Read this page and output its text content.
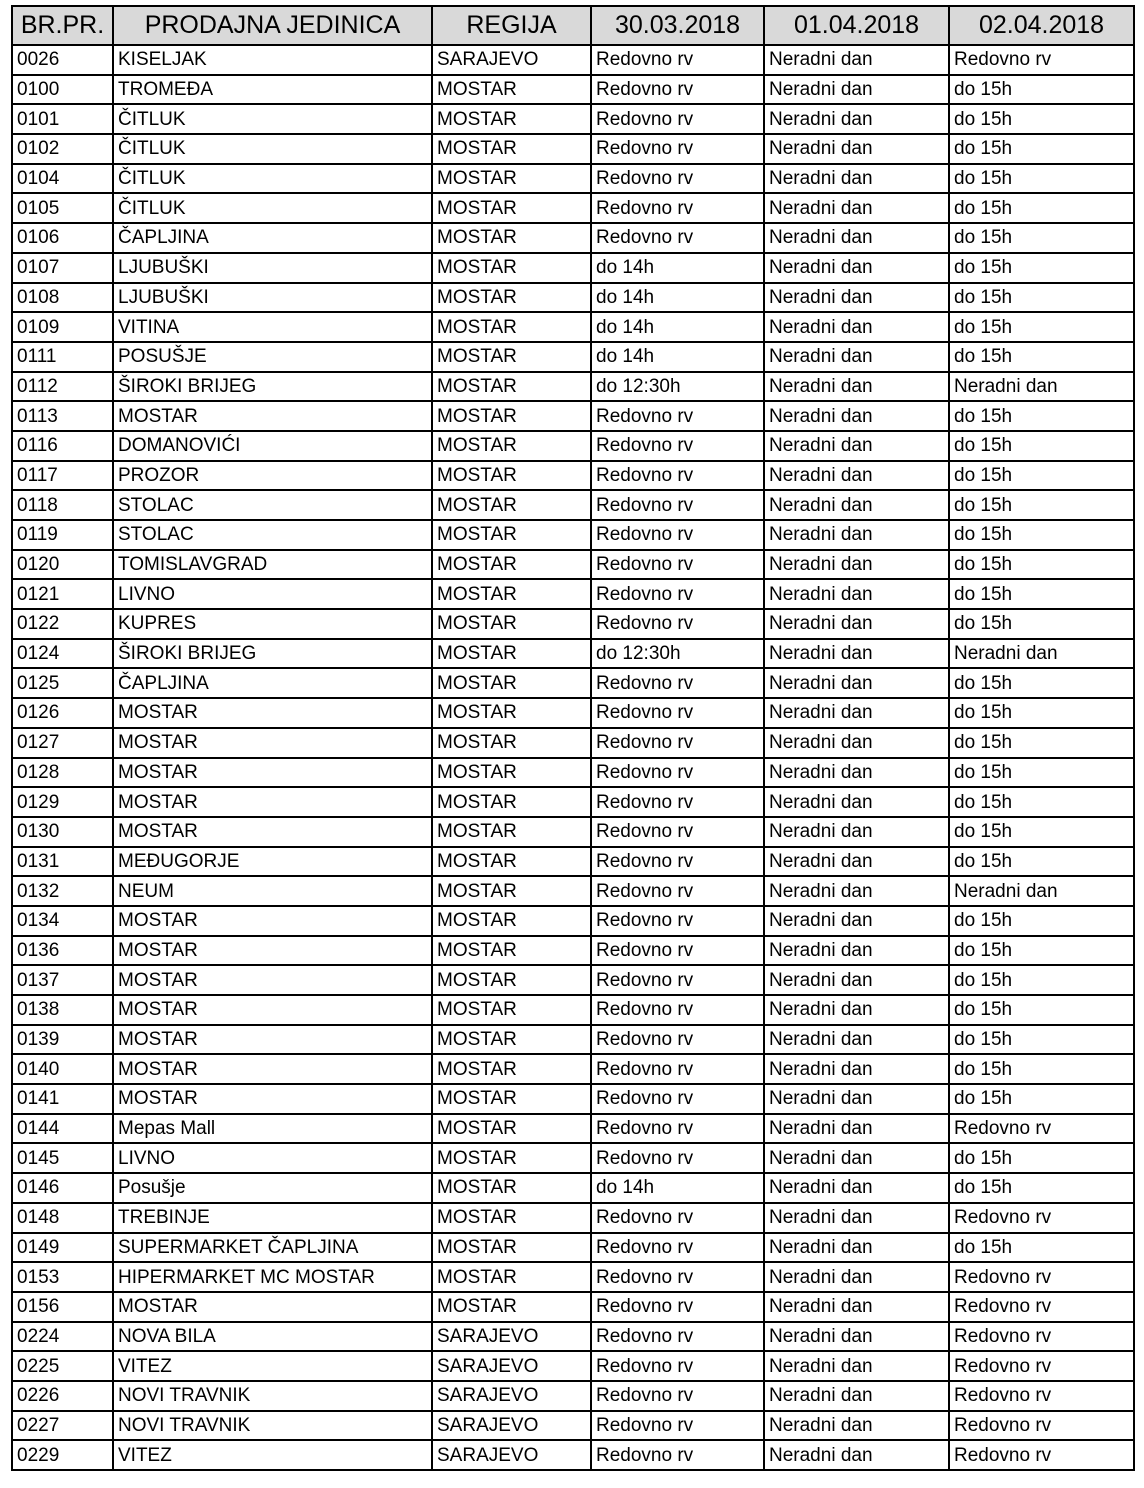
BR.PR.	PRODAJNA JEDINICA	REGIJA	30.03.2018	01.04.2018	02.04.2018
0026	KISELJAK	SARAJEVO	Redovno rv	Neradni dan	Redovno rv
0100	TROMEĐA	MOSTAR	Redovno rv	Neradni dan	do 15h
0101	ČITLUK	MOSTAR	Redovno rv	Neradni dan	do 15h
0102	ČITLUK	MOSTAR	Redovno rv	Neradni dan	do 15h
0104	ČITLUK	MOSTAR	Redovno rv	Neradni dan	do 15h
0105	ČITLUK	MOSTAR	Redovno rv	Neradni dan	do 15h
0106	ČAPLJINA	MOSTAR	Redovno rv	Neradni dan	do 15h
0107	LJUBUŠKI	MOSTAR	do 14h	Neradni dan	do 15h
0108	LJUBUŠKI	MOSTAR	do 14h	Neradni dan	do 15h
0109	VITINA	MOSTAR	do 14h	Neradni dan	do 15h
0111	POSUŠJE	MOSTAR	do 14h	Neradni dan	do 15h
0112	ŠIROKI BRIJEG	MOSTAR	do 12:30h	Neradni dan	Neradni dan
0113	MOSTAR	MOSTAR	Redovno rv	Neradni dan	do 15h
0116	DOMANOVIĆI	MOSTAR	Redovno rv	Neradni dan	do 15h
0117	PROZOR	MOSTAR	Redovno rv	Neradni dan	do 15h
0118	STOLAC	MOSTAR	Redovno rv	Neradni dan	do 15h
0119	STOLAC	MOSTAR	Redovno rv	Neradni dan	do 15h
0120	TOMISLAVGRAD	MOSTAR	Redovno rv	Neradni dan	do 15h
0121	LIVNO	MOSTAR	Redovno rv	Neradni dan	do 15h
0122	KUPRES	MOSTAR	Redovno rv	Neradni dan	do 15h
0124	ŠIROKI BRIJEG	MOSTAR	do 12:30h	Neradni dan	Neradni dan
0125	ČAPLJINA	MOSTAR	Redovno rv	Neradni dan	do 15h
0126	MOSTAR	MOSTAR	Redovno rv	Neradni dan	do 15h
0127	MOSTAR	MOSTAR	Redovno rv	Neradni dan	do 15h
0128	MOSTAR	MOSTAR	Redovno rv	Neradni dan	do 15h
0129	MOSTAR	MOSTAR	Redovno rv	Neradni dan	do 15h
0130	MOSTAR	MOSTAR	Redovno rv	Neradni dan	do 15h
0131	MEĐUGORJE	MOSTAR	Redovno rv	Neradni dan	do 15h
0132	NEUM	MOSTAR	Redovno rv	Neradni dan	Neradni dan
0134	MOSTAR	MOSTAR	Redovno rv	Neradni dan	do 15h
0136	MOSTAR	MOSTAR	Redovno rv	Neradni dan	do 15h
0137	MOSTAR	MOSTAR	Redovno rv	Neradni dan	do 15h
0138	MOSTAR	MOSTAR	Redovno rv	Neradni dan	do 15h
0139	MOSTAR	MOSTAR	Redovno rv	Neradni dan	do 15h
0140	MOSTAR	MOSTAR	Redovno rv	Neradni dan	do 15h
0141	MOSTAR	MOSTAR	Redovno rv	Neradni dan	do 15h
0144	Mepas Mall	MOSTAR	Redovno rv	Neradni dan	Redovno rv
0145	LIVNO	MOSTAR	Redovno rv	Neradni dan	do 15h
0146	Posušje	MOSTAR	do 14h	Neradni dan	do 15h
0148	TREBINJE	MOSTAR	Redovno rv	Neradni dan	Redovno rv
0149	SUPERMARKET ČAPLJINA	MOSTAR	Redovno rv	Neradni dan	do 15h
0153	HIPERMARKET MC MOSTAR	MOSTAR	Redovno rv	Neradni dan	Redovno rv
0156	MOSTAR	MOSTAR	Redovno rv	Neradni dan	Redovno rv
0224	NOVA BILA	SARAJEVO	Redovno rv	Neradni dan	Redovno rv
0225	VITEZ	SARAJEVO	Redovno rv	Neradni dan	Redovno rv
0226	NOVI TRAVNIK	SARAJEVO	Redovno rv	Neradni dan	Redovno rv
0227	NOVI TRAVNIK	SARAJEVO	Redovno rv	Neradni dan	Redovno rv
0229	VITEZ	SARAJEVO	Redovno rv	Neradni dan	Redovno rv
